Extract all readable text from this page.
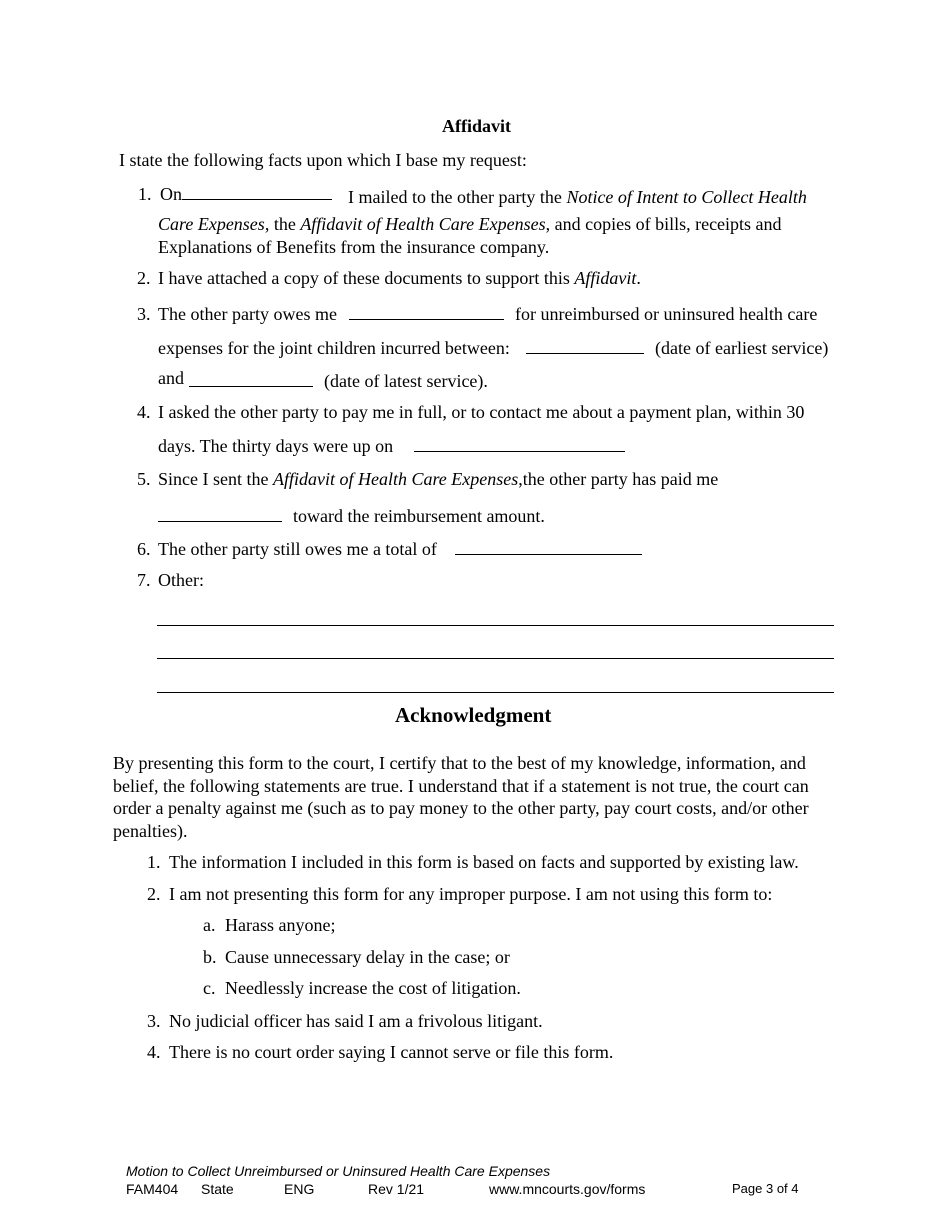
Affidavit
I state the following facts upon which I base my request:
1. On	I mailed to the other party the Notice of Intent to Collect Health
Care Expenses, the Affidavit of Health Care Expenses, and copies of bills, receipts and
Explanations of Benefits from the insurance company.
2. I have attached a copy of these documents to support this Affidavit.
3. The other party owes me	for unreimbursed or uninsured health care
expenses for the joint children incurred between:	(date of earliest service)
and	(date of latest service).
4. I asked the other party to pay me in full, or to contact me about a payment plan, within 30
days. The thirty days were up on
5. Since I sent the Affidavit of Health Care Expenses,the other party has paid me
toward the reimbursement amount.
6. The other party still owes me a total of
7. Other:
Acknowledgment
By presenting this form to the court, I certify that to the best of my knowledge, information, and
belief, the following statements are true. I understand that if a statement is not true, the court can
order a penalty against me (such as to pay money to the other party, pay court costs, and/or other
penalties).
1. The information I included in this form is based on facts and supported by existing law.
2. I am not presenting this form for any improper purpose. I am not using this form to:
a. Harass anyone;
b. Cause unnecessary delay in the case; or
c. Needlessly increase the cost of litigation.
3. No judicial officer has said I am a frivolous litigant.
4. There is no court order saying I cannot serve or file this form.
Motion to Collect Unreimbursed or Uninsured Health Care Expenses
FAM404 State	ENG	Rev 1/21	www.mncourts.gov/forms	Page 3 of 4
